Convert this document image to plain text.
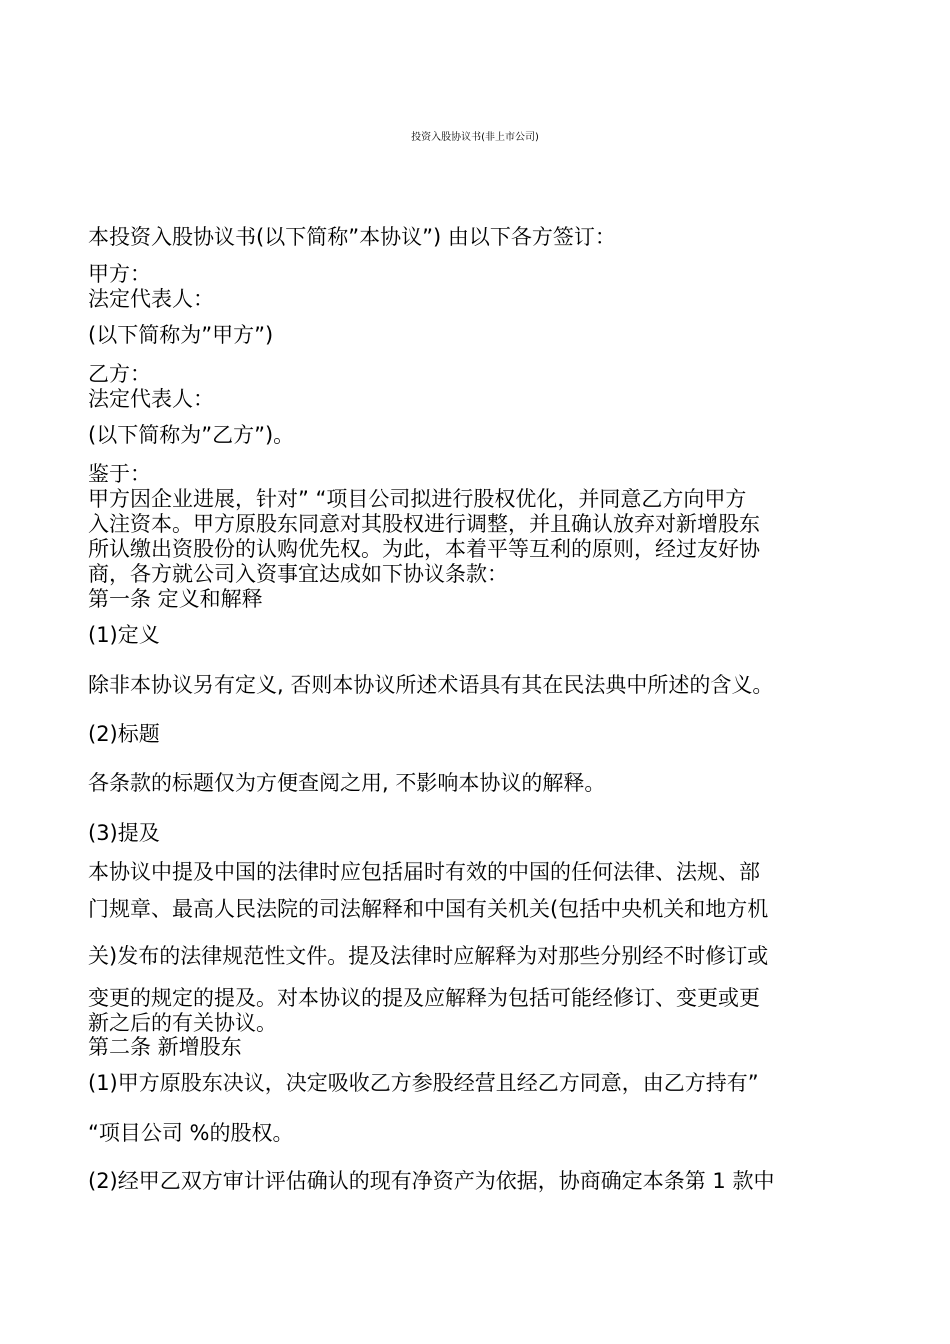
投资入股协议书(非上市公司)
本投资入股协议书(以下简称”本协议”) 由以下各方签订：
甲方：
法定代表人：
(以下简称为”甲方”)
乙方：
法定代表人：
(以下简称为”乙方”)。
鉴于：
甲方因企业进展，针对” “项目公司拟进行股权优化，并同意乙方向甲方
入注资本。甲方原股东同意对其股权进行调整，并且确认放弃对新增股东
所认缴出资股份的认购优先权。为此，本着平等互利的原则，经过友好协
商，各方就公司入资事宜达成如下协议条款：
第一条 定义和解释
(1)定义
除非本协议另有定义, 否则本协议所述术语具有其在民法典中所述的含义。
(2)标题
各条款的标题仅为方便查阅之用, 不影响本协议的解释。
(3)提及
本协议中提及中国的法律时应包括届时有效的中国的任何法律、法规、部
门规章、最高人民法院的司法解释和中国有关机关(包括中央机关和地方机
关)发布的法律规范性文件。提及法律时应解释为对那些分别经不时修订或
变更的规定的提及。对本协议的提及应解释为包括可能经修订、变更或更
新之后的有关协议。
第二条 新增股东
(1)甲方原股东决议，决定吸收乙方参股经营且经乙方同意，由乙方持有”
“项目公司 %的股权。
(2)经甲乙双方审计评估确认的现有净资产为依据，协商确定本条第 1 款中
